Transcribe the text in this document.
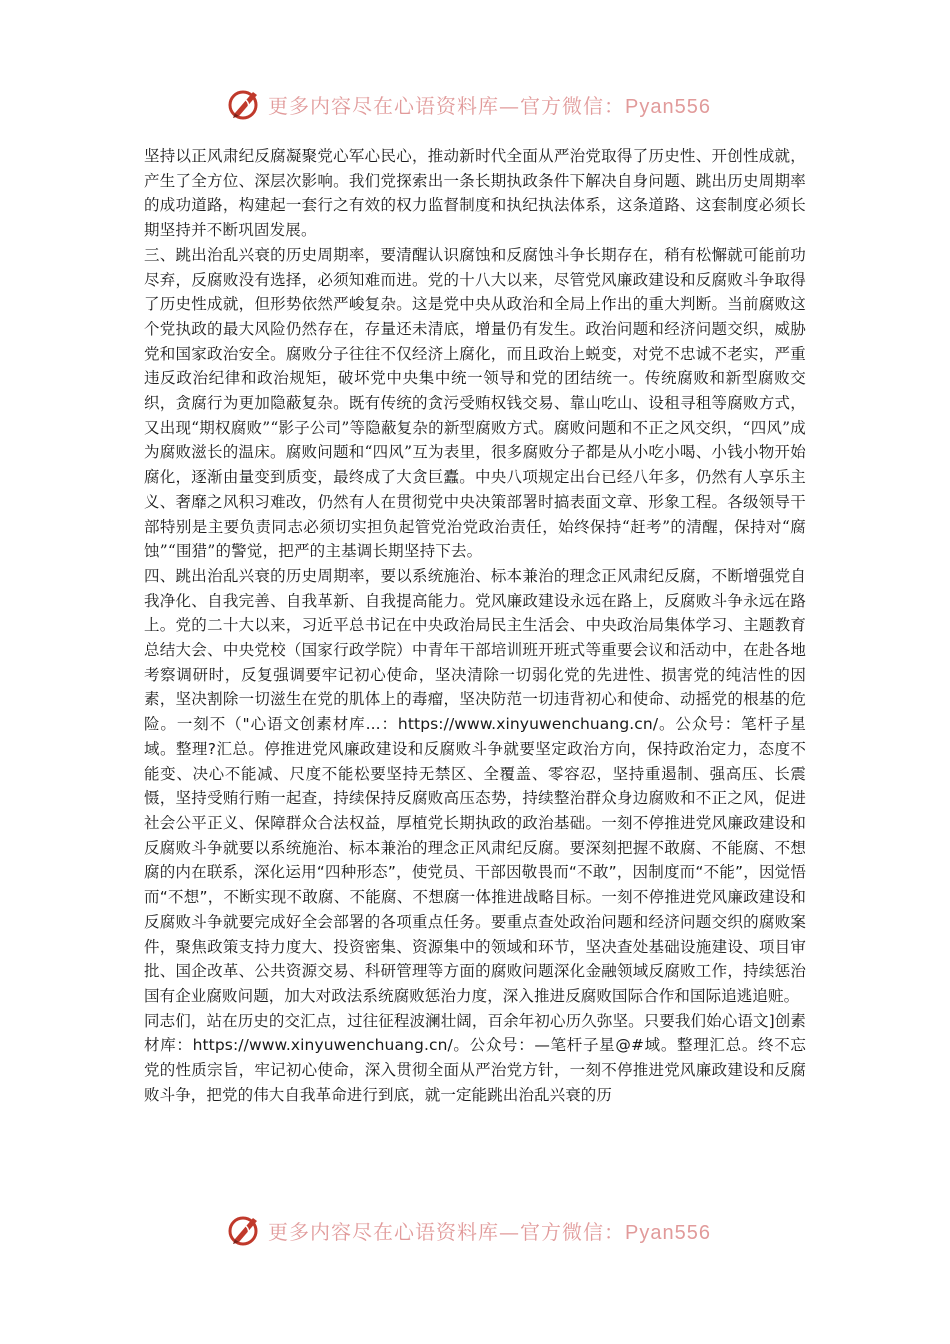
更多内容尽在心语资料库—官方微信：Pyan556

坚持以正风肃纪反腐凝聚党心军心民心，推动新时代全面从严治党取得了历史性、开创性成就，产生了全方位、深层次影响。我们党探索出一条长期执政条件下解决自身问题、跳出历史周期率的成功道路，构建起一套行之有效的权力监督制度和执纪执法体系，这条道路、这套制度必须长期坚持并不断巩固发展。

三、跳出治乱兴衰的历史周期率，要清醒认识腐蚀和反腐蚀斗争长期存在，稍有松懈就可能前功尽弃，反腐败没有选择，必须知难而进。党的十八大以来，尽管党风廉政建设和反腐败斗争取得了历史性成就，但形势依然严峻复杂。这是党中央从政治和全局上作出的重大判断。当前腐败这个党执政的最大风险仍然存在，存量还未清底，增量仍有发生。政治问题和经济问题交织，威胁党和国家政治安全。腐败分子往往不仅经济上腐化，而且政治上蜕变，对党不忠诚不老实，严重违反政治纪律和政治规矩，破坏党中央集中统一领导和党的团结统一。传统腐败和新型腐败交织，贪腐行为更加隐蔽复杂。既有传统的贪污受贿权钱交易、靠山吃山、设租寻租等腐败方式，又出现“期权腐败”“影子公司”等隐蔽复杂的新型腐败方式。腐败问题和不正之风交织，“四风”成为腐败滋长的温床。腐败问题和“四风”互为表里，很多腐败分子都是从小吃小喝、小钱小物开始腐化，逐渐由量变到质变，最终成了大贪巨蠹。中央八项规定出台已经八年多，仍然有人享乐主义、奢靡之风积习难改，仍然有人在贯彻党中央决策部署时搞表面文章、形象工程。各级领导干部特别是主要负责同志必须切实担负起管党治党政治责任，始终保持“赶考”的清醒，保持对“腐蚀”“围猎”的警觉，把严的主基调长期坚持下去。

四、跳出治乱兴衰的历史周期率，要以系统施治、标本兼治的理念正风肃纪反腐，不断增强党自我净化、自我完善、自我革新、自我提高能力。党风廉政建设永远在路上，反腐败斗争永远在路上。党的二十大以来，习近平总书记在中央政治局民主生活会、中央政治局集体学习、主题教育总结大会、中央党校（国家行政学院）中青年干部培训班开班式等重要会议和活动中，在赴各地考察调研时，反复强调要牢记初心使命，坚决清除一切弱化党的先进性、损害党的纯洁性的因素，坚决割除一切滋生在党的肌体上的毒瘤，坚决防范一切违背初心和使命、动摇党的根基的危险。一刻不（"心语文创素材库...：https://www.xinyuwenchuang.cn/。公众号：笔杆子星域。整理?汇总。停推进党风廉政建设和反腐败斗争就要坚定政治方向，保持政治定力，态度不能变、决心不能减、尺度不能松要坚持无禁区、全覆盖、零容忍，坚持重遏制、强高压、长震慑，坚持受贿行贿一起查，持续保持反腐败高压态势，持续整治群众身边腐败和不正之风，促进社会公平正义、保障群众合法权益，厚植党长期执政的政治基础。一刻不停推进党风廉政建设和反腐败斗争就要以系统施治、标本兼治的理念正风肃纪反腐。要深刻把握不敢腐、不能腐、不想腐的内在联系，深化运用“四种形态”，使党员、干部因敬畏而“不敢”，因制度而“不能”，因觉悟而“不想”，不断实现不敢腐、不能腐、不想腐一体推进战略目标。一刻不停推进党风廉政建设和反腐败斗争就要完成好全会部署的各项重点任务。要重点查处政治问题和经济问题交织的腐败案件，聚焦政策支持力度大、投资密集、资源集中的领域和环节，坚决查处基础设施建设、项目审批、国企改革、公共资源交易、科研管理等方面的腐败问题深化金融领域反腐败工作，持续惩治国有企业腐败问题，加大对政法系统腐败惩治力度，深入推进反腐败国际合作和国际追逃追赃。

同志们，站在历史的交汇点，过往征程波澜壮阔，百余年初心历久弥坚。只要我们始心语文]创素材库：https://www.xinyuwenchuang.cn/。公众号：—笔杆子星@#域。整理汇总。终不忘党的性质宗旨，牢记初心使命，深入贯彻全面从严治党方针，一刻不停推进党风廉政建设和反腐败斗争，把党的伟大自我革命进行到底，就一定能跳出治乱兴衰的历

更多内容尽在心语资料库—官方微信：Pyan556
